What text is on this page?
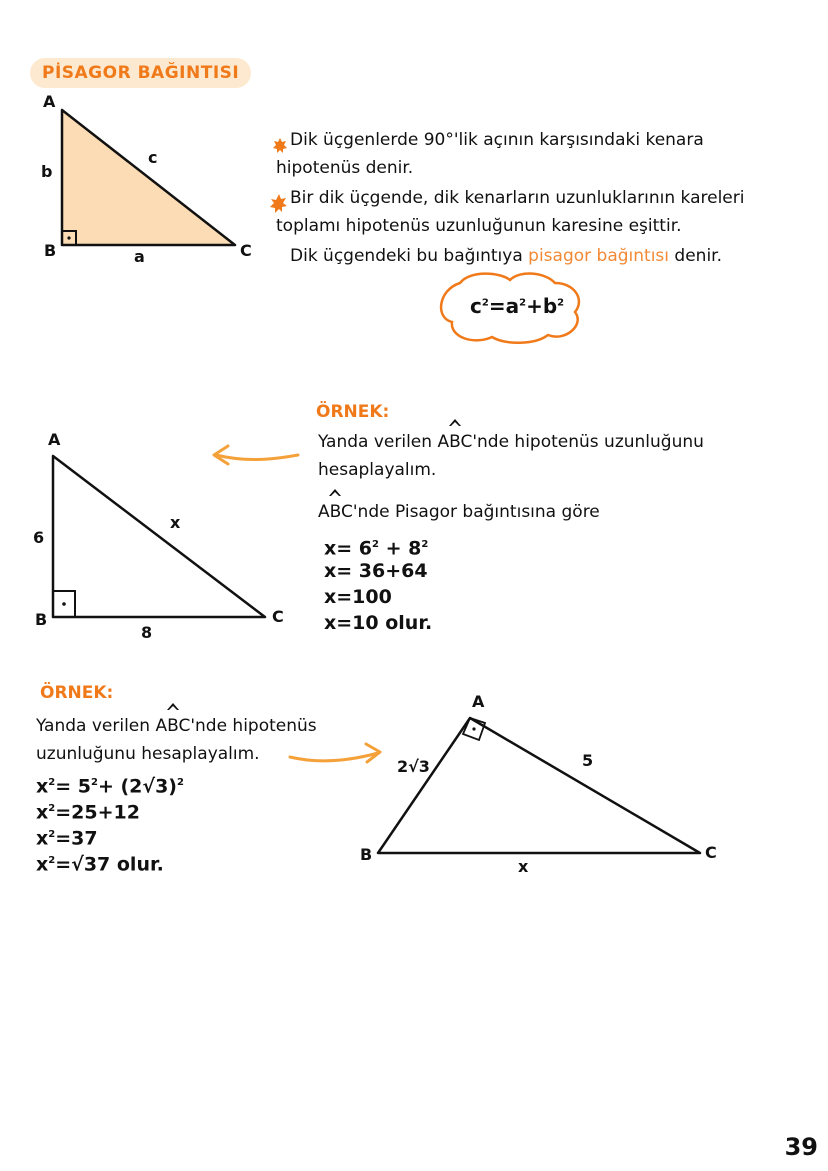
PİSAGOR BAĞINTISI
A
b
c
B	a	C
Dik üçgenlerde 90°'lik açının karşısındaki kenara
hipotenüs denir.
Bir dik üçgende, dik kenarların uzunluklarının kareleri
toplamı hipotenüs uzunluğunun karesine eşittir.
Dik üçgendeki bu bağıntıya pisagor bağıntısı denir.
$c^2=a^2+b^2$
ÖRNEK:
Yanda verilen ABC'nde hipotenüs uzunluğunu
hesaplayalım.
ABC'nde Pisagor bağıntısına göre
$x= 6^2 + 8^2$
x= 36+64
x=100
x=10 olur.
A
6
x
B
8
C
ÖRNEK:
Yanda verilen ABC'nde hipotenüs
uzunluğunu hesaplayalım.
$x^2= 5^2+ (2√3)^2$
$x^2=25+12$
$x^2=37$
$x^2=√37$ olur.
A
2√3	5
B
x
C
39
